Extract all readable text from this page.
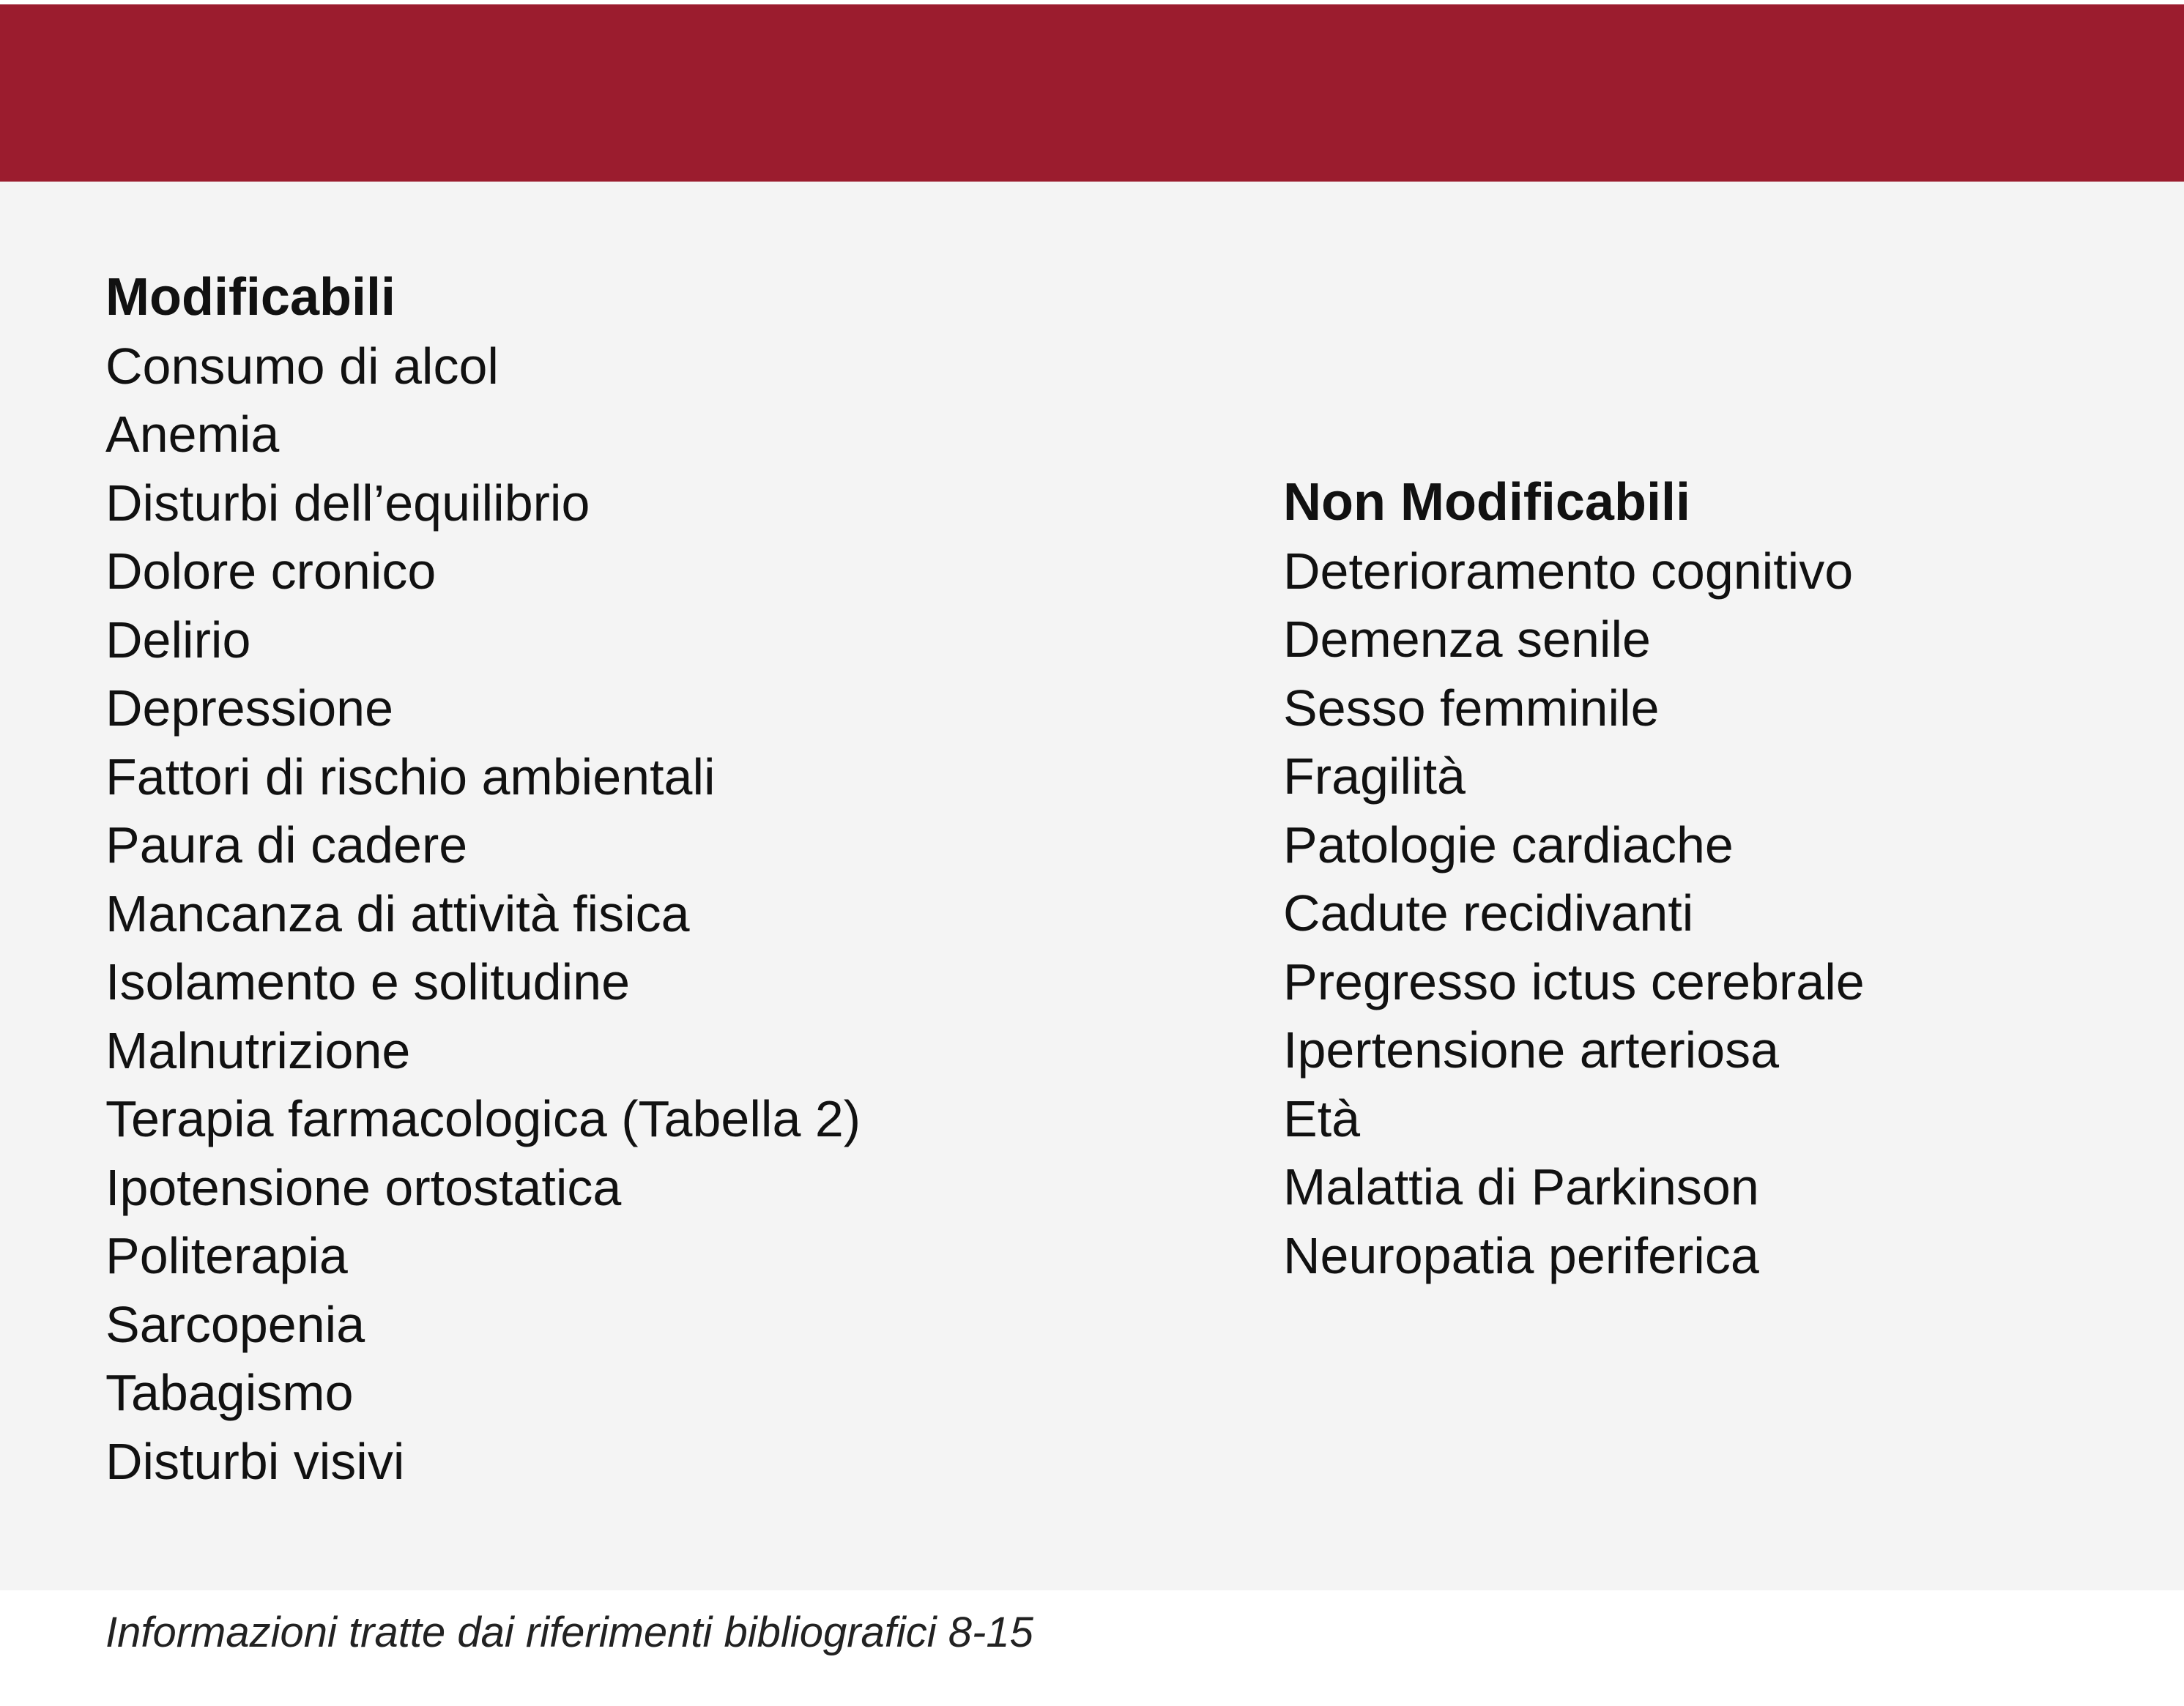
Modificabili
Consumo di alcol
Anemia
Disturbi dell’equilibrio
Dolore cronico
Delirio
Depressione
Fattori di rischio ambientali
Paura di cadere
Mancanza di attività fisica
Isolamento e solitudine
Malnutrizione
Terapia farmacologica (Tabella 2)
Ipotensione ortostatica
Politerapia
Sarcopenia
Tabagismo
Disturbi visivi
Non Modificabili
Deterioramento cognitivo
Demenza senile
Sesso femminile
Fragilità
Patologie cardiache
Cadute recidivanti
Pregresso ictus cerebrale
Ipertensione arteriosa
Età
Malattia di Parkinson
Neuropatia periferica
Informazioni tratte dai riferimenti bibliografici 8-15
